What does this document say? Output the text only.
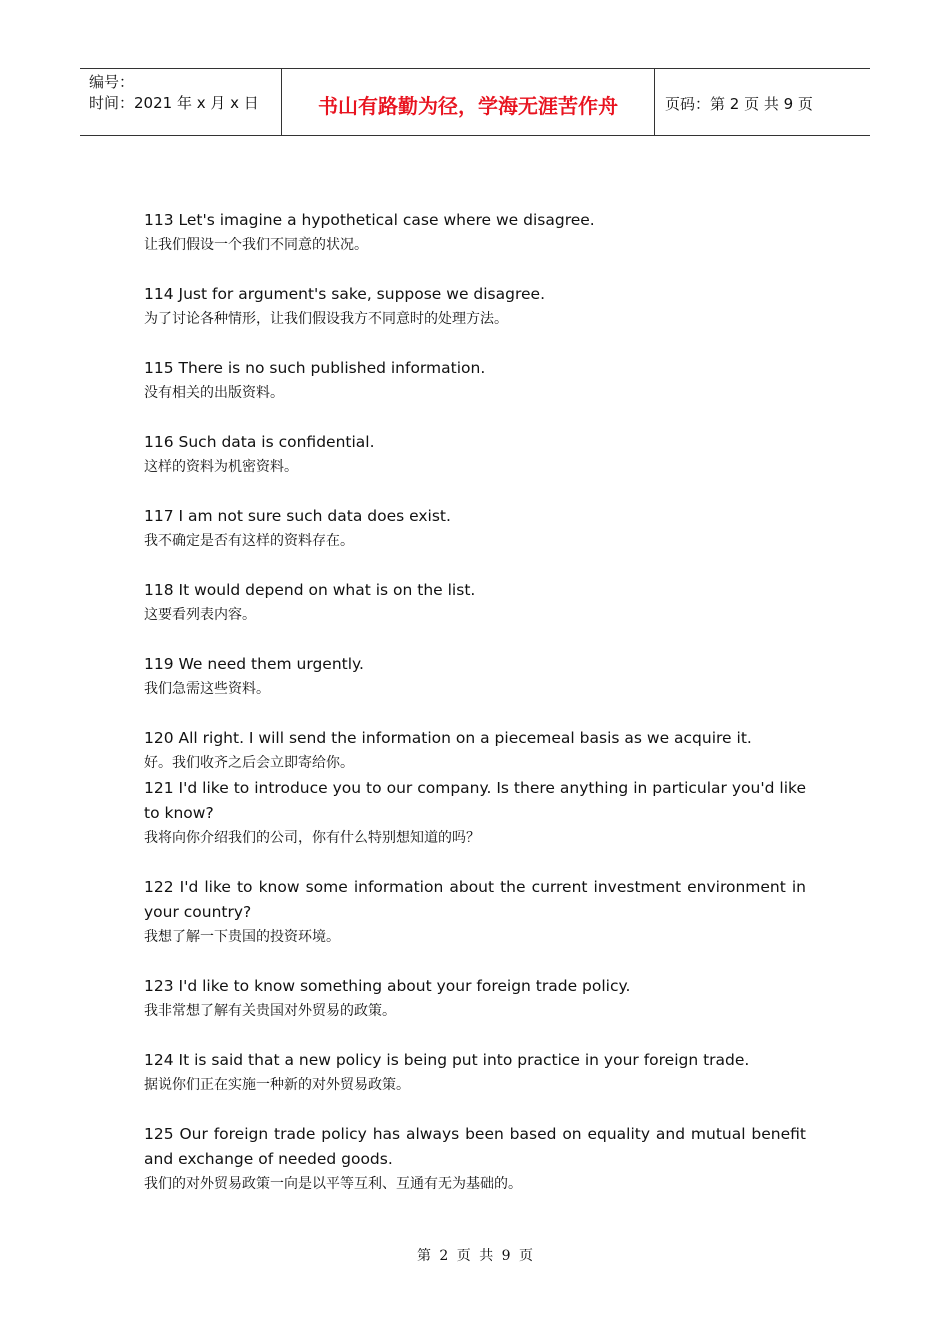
编号：
时间：2021 年 x 月 x 日	书山有路勤为径，学海无涯苦作舟	页码：第 2 页 共 9 页
113 Let's imagine a hypothetical case where we disagree.
让我们假设一个我们不同意的状况。
114 Just for argument's sake, suppose we disagree.
为了讨论各种情形，让我们假设我方不同意时的处理方法。
115 There is no such published information.
没有相关的出版资料。
116 Such data is confidential.
这样的资料为机密资料。
117 I am not sure such data does exist.
我不确定是否有这样的资料存在。
118 It would depend on what is on the list.
这要看列表内容。
119 We need them urgently.
我们急需这些资料。
120 All right. I will send the information on a piecemeal basis as we acquire it.
好。我们收齐之后会立即寄给你。
121 I'd like to introduce you to our company. Is there anything in particular you'd like to know?
我将向你介绍我们的公司，你有什么特别想知道的吗？
122 I'd like to know some information about the current investment environment in your country?
我想了解一下贵国的投资环境。
123 I'd like to know something about your foreign trade policy.
我非常想了解有关贵国对外贸易的政策。
124 It is said that a new policy is being put into practice in your foreign trade.
据说你们正在实施一种新的对外贸易政策。
125 Our foreign trade policy has always been based on equality and mutual benefit and exchange of needed goods.
我们的对外贸易政策一向是以平等互利、互通有无为基础的。
第 2 页 共 9 页
